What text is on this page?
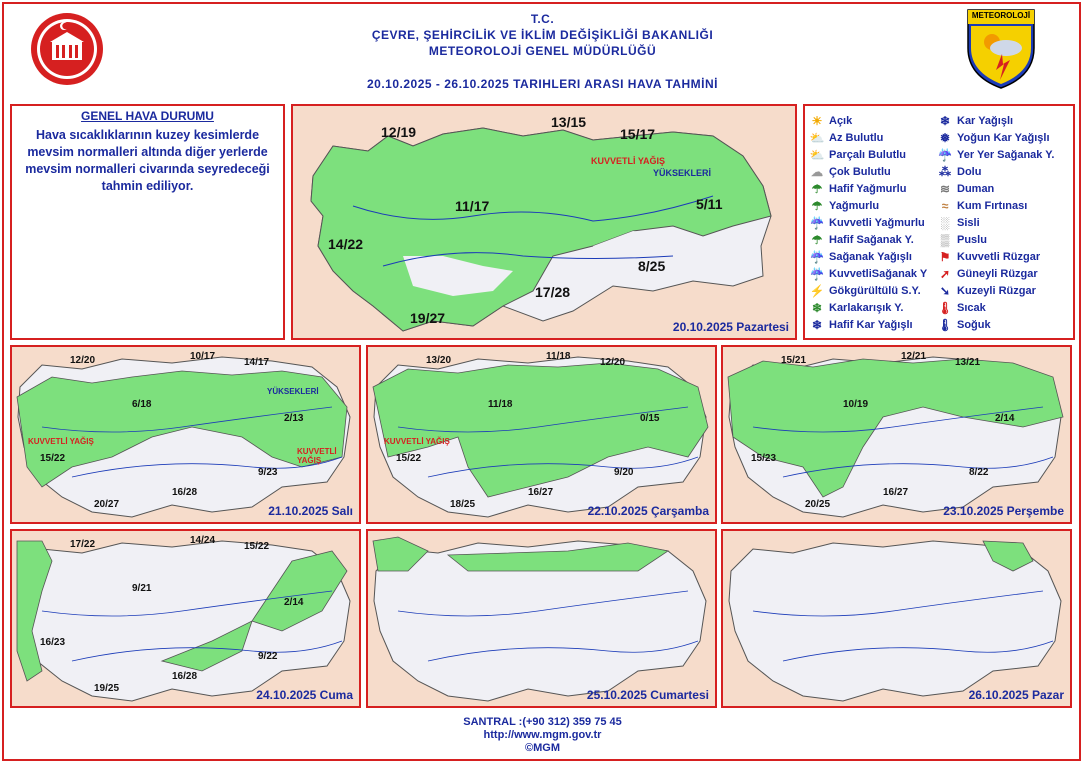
METEOROLOJİ
T.C.
ÇEVRE, ŞEHİRCİLİK VE İKLİM DEĞİŞİKLİĞİ BAKANLIĞI
METEOROLOJİ GENEL MÜDÜRLÜĞÜ
20.10.2025 - 26.10.2025 TARIHLERI ARASI HAVA TAHMİNİ
GENEL HAVA DURUMU
Hava sıcaklıklarının kuzey kesimlerde mevsim normalleri altında diğer yerlerde mevsim normalleri civarında seyredeceği tahmin ediliyor.
12/19
13/15
15/17
11/17	5/11
14/22
8/25
17/28
19/27
KUVVETLİ YAĞIŞ
YÜKSEKLERİ
20.10.2025 Pazartesi
☀ Açık
⛅ Az Bulutlu
⛅ Parçalı Bulutlu
☁ Çok Bulutlu
☂ Hafif Yağmurlu
☂ Yağmurlu
☔ Kuvvetli Yağmurlu
☂ Hafif Sağanak Y.
☔ Sağanak Yağışlı
☔ KuvvetliSağanak Y
⚡ Gökgürültülü S.Y.
❄ Karlakarışık Y.
❄ Hafif Kar Yağışlı
❄ Kar Yağışlı
❅ Yoğun Kar Yağışlı
☔ Yer Yer Sağanak Y.
⁂ Dolu
≋ Duman
≈ Kum Fırtınası
░ Sisli
▒ Puslu
⚑ Kuvvetli Rüzgar
➚ Güneyli Rüzgar
➘ Kuzeyli Rüzgar
🌡 Sıcak
🌡 Soğuk
12/20	10/17
14/17
6/18
2/13
15/22
9/23
16/28
20/27
KUVVETLİ YAĞIŞ
YÜKSEKLERİ
KUVVETLİ YAĞIŞ
21.10.2025 Salı
13/20	11/18
12/20
11/18
0/15
15/22
9/20
16/27
18/25
KUVVETLİ YAĞIŞ
22.10.2025 Çarşamba
15/21	12/21
13/21
10/19
2/14
15/23
8/22
16/27
20/25	23.10.2025 Perşembe
17/22	14/24
15/22
9/21
2/14
16/23
9/22
16/28
19/25	24.10.2025 Cuma	25.10.2025 Cumartesi	26.10.2025 Pazar
SANTRAL :(+90 312) 359 75 45
http://www.mgm.gov.tr
©MGM
